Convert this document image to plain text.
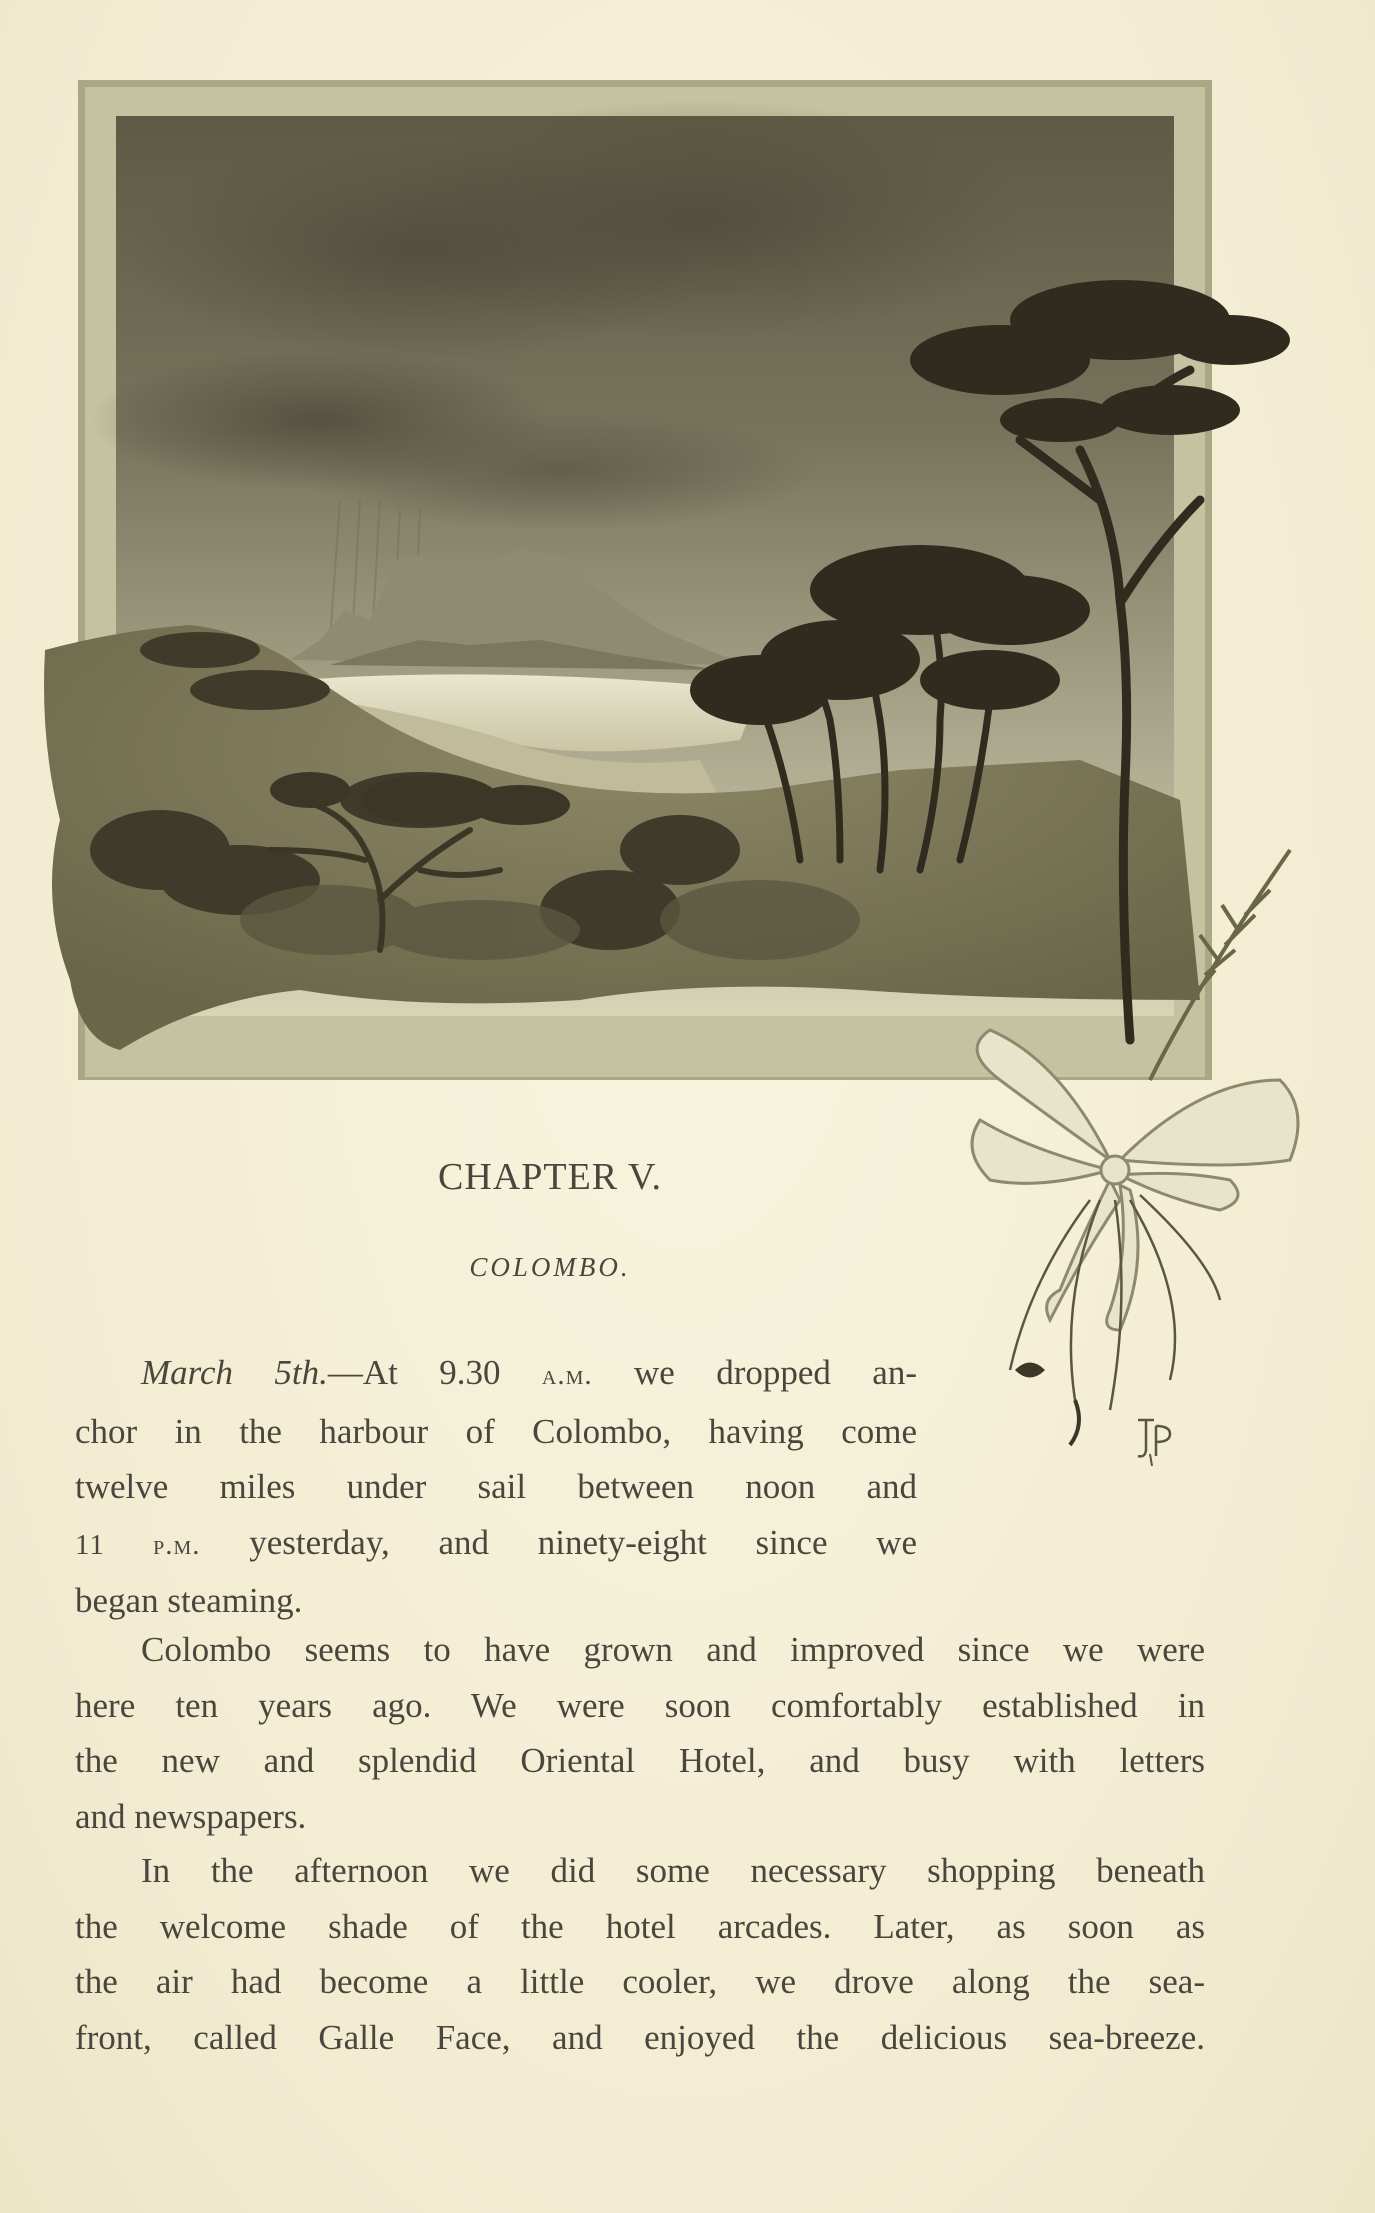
CHAPTER V.
COLOMBO.
March 5th.—At 9.30 a.m. we dropped an-
chor in the harbour of Colombo, having come
twelve miles under sail between noon and
11 p.m. yesterday, and ninety-eight since we
began steaming.
Colombo seems to have grown and improved since we were
here ten years ago. We were soon comfortably established in
the new and splendid Oriental Hotel, and busy with letters
and newspapers.
In the afternoon we did some necessary shopping beneath
the welcome shade of the hotel arcades. Later, as soon as
the air had become a little cooler, we drove along the sea-
front, called Galle Face, and enjoyed the delicious sea-breeze.
